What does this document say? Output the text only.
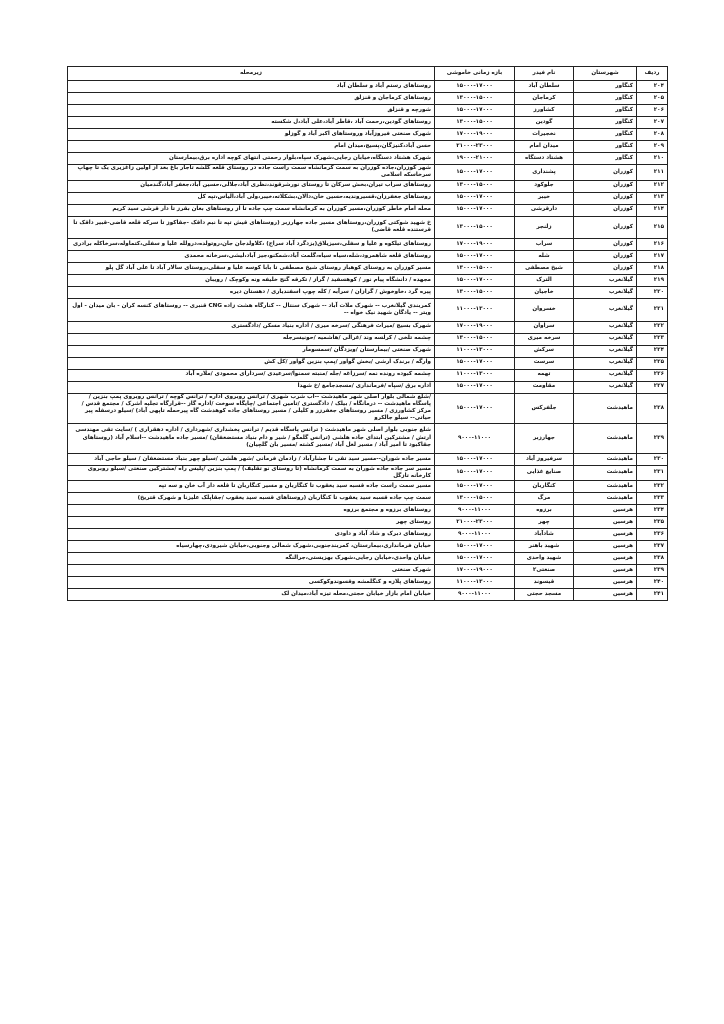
ردیف	شهرستان	نام فیدر	بازه زمانی خاموشی	زیرمحله
۲۰۴	کنگاور	سلطان آباد	۱۵۰۰۰-۱۷۰۰۰	روستاهای رستم آباد و سلطان آباد
۲۰۵	کنگاور	کرماجان	۱۳۰۰۰-۱۵۰۰۰	روستاهای کرماجان و قنزلق
۲۰۶	کنگاور	کشاورز	۱۵۰۰۰-۱۷۰۰۰	شورچه و قنزلق
۲۰۷	کنگاور	گودین	۱۳۰۰۰-۱۵۰۰۰	روستاهای گودین،رحمت آباد ،قاطر آباد،علی آباد،ل شکسته
۲۰۸	کنگاور	نخجیرات	۱۷۰۰۰-۱۹۰۰۰	شهرک صنعتی فیروزآباد وروستاهای اکبر آباد و گوزلو
۲۰۹	کنگاور	میدان امام	۲۱۰۰۰-۲۳۰۰۰	حسن آباد،کنیزگان،پسیج،میدان امام
۲۱۰	کنگاور	هشتاد دستگاه	۱۹۰۰۰-۲۱۰۰۰	شهرک هشتاد دستگاه،خیابان رجایی،شهرک سپاه،بلوار رحمتی انتهای کوچه اداره برق،بیمارستان
۲۱۱	کوزران	پشنداری	۱۵۰۰۰-۱۷۰۰۰	شهر کوزران،جاده کوزران به سمت کرمانشاه سمت راست جاده در روستای قلعه گلشه تاجار باغ بعد از اولین زاغزیری یک تا چهاپ سرخاسکه اسلامی
۲۱۲	کوزران	جلوکود	۱۳۰۰۰-۱۵۰۰۰	روستاهای سراب تیران،بخش سرکان تا روستای نورشرقوند،نظری آباد،جلالی،حسین آباد،جعفر آباد،گندمیان
۲۱۳	کوزران	خیبر	۱۵۰۰۰-۱۷۰۰۰	روستاهای جعفرزان،قسیروندیه،حسین خان،دالان،بشکلاته،خیبر،ولی آباد،الیاس،تپه کل
۲۱۴	کوزران	دارقرشی	۱۵۰۰۰-۱۷۰۰۰	محله امام خاطر کوزران،مسیر کوزران به کرمانشاه سمت چپ جاده تا از روستاهای بغان بقرز تا دار قرشی سید کریم
۲۱۵	کوزران	زلنجر	۱۳۰۰۰-۱۵۰۰۰	خ شهید شوکتی کوزران،روستاهای مسیر جاده جهارزبر (روستاهای قیش تپه تا نبم داقک -جقاکوز تا سرکه قلعه قاضی-قبیر داقک تا قرستنده قلعه قاضی)
۲۱۶	کوزران	سراب	۱۷۰۰۰-۱۹۰۰۰	روستاهای تیلکوه و علیا و سفلی،سیزیلاق(یزدگرد آباد سراج) ،کلاولدجان جان،روتولده،درولله علیا و سفلی،کتماوله،سرخاکله برادری
۲۱۷	کوزران	شله	۱۵۰۰۰-۱۷۰۰۰	روستاهای قلعه شاهمرود،شله،سیاه سیاه،گلمت آباد،شمکنو،جیز آباد،لیشی،سرخانه محمدی
۲۱۸	کوزران	شیخ مصطفی	۱۳۰۰۰-۱۵۰۰۰	مسیر کوزران به روستای کوهباز روستای شیخ مصطفی تا بابا کوسه علیا و سفلی،روستای سالار آباد تا علی آباد گل پلو
۲۱۹	گیلانغرب	الترک	۱۵۰۰۰-۱۷۰۰۰	مجهده / دانشگاه پیام نور / کوهسفید / گراز / تکرقه گنج خلیفه ونه وکوچک / رویبان
۲۲۰	گیلانغرب	خاجیان	۱۳۰۰۰-۱۵۰۰۰	پیره گرد ،خاوخوش / گرازان / سرآبه / کله چوپ اسفندیاری / دهستان دیره
۲۲۱	گیلانغرب	خسروان	۱۱۰۰۰-۱۳۰۰۰	کمربندی گیلانغرب -- شهرک ملات آباد -- شهرک سنتال -- کنارگاه هشت زاده CNG قنبری -- روستاهای کنسه کران - بان میدان - اول ویتر -- یادگان شهید نیک خواه --
۲۲۲	گیلانغرب	سراوان	۱۷۰۰۰-۱۹۰۰۰	شهرک بسیج /میراث فرهنگی /سرخه میری / اداره بنیاد مسکن /دادگستری
۲۲۳	گیلانغرب	سرخه میری	۱۳۰۰۰-۱۵۰۰۰	چشمه تلخی / کرلسه وند /غرالی /هاشمیه /حونیسرجله
۲۲۴	گیلانغرب	سرکش	۱۱۰۰۰-۱۳۰۰۰	شهرک صنعتی /بیمارستان /ویزدگان /سمسومار
۲۲۵	گیلانغرب	سرست	۱۵۰۰۰-۱۷۰۰۰	وارگه / برندک ارشی /بخش گواور /پمپ بنزین گواور /کل کش
۲۲۶	گیلانغرب	تهمه	۱۱۰۰۰-۱۳۰۰۰	چشمه کبوده رونده نمه /سرزاغه /جله /منبته سمنوا/سرعیدی /سردارای محمودی /ملاره آباد
۲۲۷	گیلانغرب	مقاومت	۱۵۰۰۰-۱۷۰۰۰	اداره برق /سپاه /فرمانداری /مسجدجامع /خ شهدا
۲۲۸	ماهیدشت	جلفرکس	۱۵۰۰۰-۱۷۰۰۰	/شلغ شمالی بلوار اصلی شهر ماهیدشت --آب شرب شهری / ترانس روبروی اداره / ترانس کوچه / ترانس روبروی پمپ بنزین /پاسگاه ماهیدشت -- درمانگاه / بیلک / دادگستری /تامین اجتماعی /چایگاه سوخت /اداره گاز --قرارگاه تجلیه اشرک / مجتمع قدس /مرکز کشاورزی / مسیر روستاهای جعفرزر و کلیلی / مسیر روستاهای جاده کوهدشت گاه پیرحمله تاپهی آباد) /سیلو درسفله پیر حیاتی-- سیلو جالکرو
۲۲۹	ماهیدشت	جهارزبر	۹۰۰۰-۱۱۰۰۰	شلغ جنوبی بلوار اصلی شهر ماهیدشت ( ترانس پاسگاه قدیم / ترانس پخشداری /شهرداری / اداره دهقراری ) /سایت تقی مهندسی ارتش / مشترکین ابتدای جاده هلشی (ترانس گلمگو / شیر و دام بنیاد مستضعفان) /مسیر جاده ماهیدشت --اسلام آباد (روستاهای جقاکبود تا امیر آباد / مسیر لعل آباد /مسیر کشته /مسیر بان گلچیان)
۲۳۰	ماهیدشت	سرفیروز آباد	۱۵۰۰۰-۱۷۰۰۰	مسیر جاده شوران--مسیر سید تقی تا جشارآباد / زادمان فرمانی /شهر هلشی /سیلو چهر بنیاد مستضعفان / سیلو حاجی آباد
۲۳۱	ماهیدشت	صنایع غذایی	۱۵۰۰۰-۱۷۰۰۰	مسیر سر جاده جاده شوران به سمت کرمانشاه (تا روستای نو تقلیف) / پمپ بنزین /پلیس راه /مشترکین صنعتی /سیلو روبروی کارخانه تازگل
۲۳۲	ماهیدشت	کنگاربان	۱۵۰۰۰-۱۷۰۰۰	مسیر سمت راست جاده قسبه سید یعقوب تا کنگاربان و مسیر کنگاربان تا قلعه دار آب خان و سه تپه
۲۳۳	ماهیدشت	مرگ	۱۳۰۰۰-۱۵۰۰۰	سمت چپ جاده قسبه سید یعقوب تا کنگاربان (روستاهای قسبه سید یعقوب /جقاپلک علیزنا و شهرک قتریخ)
۲۳۴	هرسین	برزوه	۹۰۰۰-۱۱۰۰۰	روستاهای برزوه و مجتمع برزوه
۲۳۵	هرسین	چهر	۲۱۰۰۰-۲۳۰۰۰	روستای چهر
۲۳۶	هرسین	شادآباد	۹۰۰۰-۱۱۰۰۰	روستاهای دبرک و شاد آباد و داودی
۲۳۷	هرسین	شهید باهنر	۱۵۰۰۰-۱۷۰۰۰	خیابان فرمانداری،بیمارستان، کمربندجنوبی،شهرک شمالی وجنوبی،خیابان شیرودی،چهارسیاه
۲۳۸	هرسین	شهید واحدی	۱۵۰۰۰-۱۷۰۰۰	خیابان واحدی،خیابان رجایی،شهرک بهزیستی،جرالنگه
۲۳۹	هرسین	صنعتی۲	۱۷۰۰۰-۱۹۰۰۰	شهرک صنعتی
۲۴۰	هرسین	قیسوند	۱۱۰۰۰-۱۳۰۰۰	روستاهای پلازه و کنگلمشه وقسوندوکوکسی
۲۴۱	هرسین	مسجد حجتی	۹۰۰۰-۱۱۰۰۰	خیابان امام بازار خیابان حجتی،محله تیزه آباد،میدان لک
